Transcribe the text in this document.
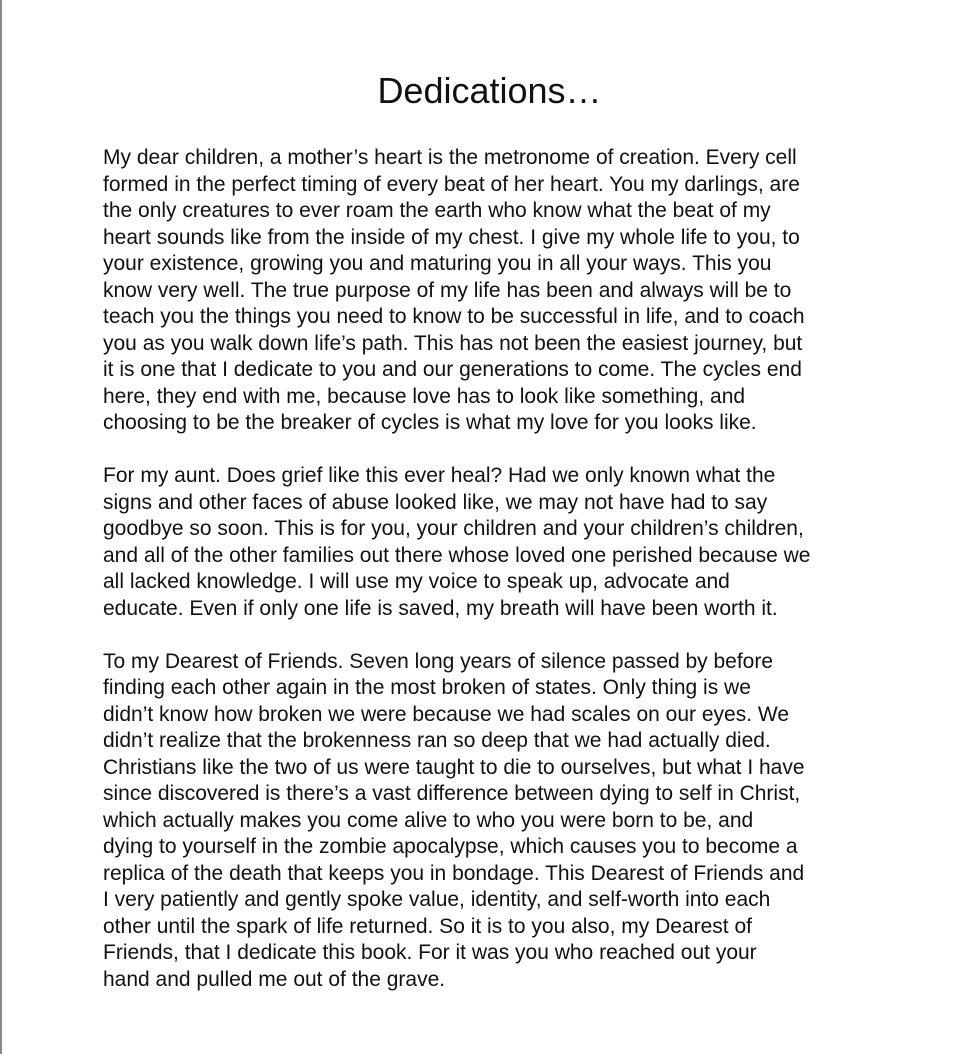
Dedications…

My dear children, a mother’s heart is the metronome of creation. Every cell
formed in the perfect timing of every beat of her heart. You my darlings, are
the only creatures to ever roam the earth who know what the beat of my
heart sounds like from the inside of my chest. I give my whole life to you, to
your existence, growing you and maturing you in all your ways. This you
know very well. The true purpose of my life has been and always will be to
teach you the things you need to know to be successful in life, and to coach
you as you walk down life’s path. This has not been the easiest journey, but
it is one that I dedicate to you and our generations to come. The cycles end
here, they end with me, because love has to look like something, and
choosing to be the breaker of cycles is what my love for you looks like.

For my aunt. Does grief like this ever heal? Had we only known what the
signs and other faces of abuse looked like, we may not have had to say
goodbye so soon. This is for you, your children and your children’s children,
and all of the other families out there whose loved one perished because we
all lacked knowledge. I will use my voice to speak up, advocate and
educate. Even if only one life is saved, my breath will have been worth it.

To my Dearest of Friends. Seven long years of silence passed by before
finding each other again in the most broken of states. Only thing is we
didn’t know how broken we were because we had scales on our eyes. We
didn’t realize that the brokenness ran so deep that we had actually died.
Christians like the two of us were taught to die to ourselves, but what I have
since discovered is there’s a vast difference between dying to self in Christ,
which actually makes you come alive to who you were born to be, and
dying to yourself in the zombie apocalypse, which causes you to become a
replica of the death that keeps you in bondage. This Dearest of Friends and
I very patiently and gently spoke value, identity, and self-worth into each
other until the spark of life returned. So it is to you also, my Dearest of
Friends, that I dedicate this book. For it was you who reached out your
hand and pulled me out of the grave.
